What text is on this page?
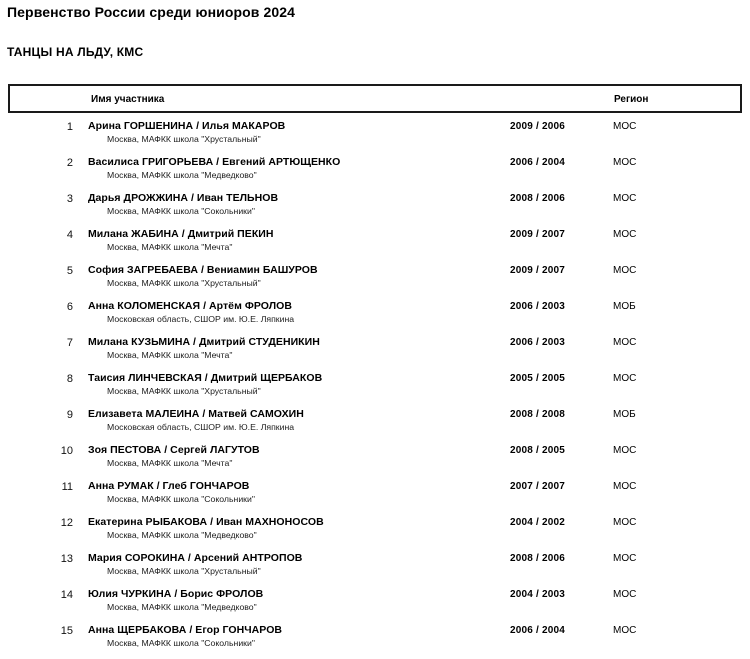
Первенство России среди юниоров 2024
ТАНЦЫ НА ЛЬДУ, КМС
Имя участника	Регион
1 Арина ГОРШЕНИНА / Илья МАКАРОВ
Москва, МАФКК школа "Хрустальный"
2009 / 2006	МОС
2 Василиса ГРИГОРЬЕВА / Евгений АРТЮЩЕНКО
Москва, МАФКК школа "Медведково"
2006 / 2004	МОС
3 Дарья ДРОЖЖИНА / Иван ТЕЛЬНОВ
Москва, МАФКК школа "Сокольники"
2008 / 2006	МОС
4 Милана ЖАБИНА / Дмитрий ПЕКИН
Москва, МАФКК школа "Мечта"
2009 / 2007	МОС
5 София ЗАГРЕБАЕВА / Вениамин БАШУРОВ
Москва, МАФКК школа "Хрустальный"
2009 / 2007	МОС
6 Анна КОЛОМЕНСКАЯ / Артём ФРОЛОВ
Московская область, СШОР им. Ю.Е. Ляпкина
2006 / 2003	МОБ
7 Милана КУЗЬМИНА / Дмитрий СТУДЕНИКИН
Москва, МАФКК школа "Мечта"
2006 / 2003	МОС
8 Таисия ЛИНЧЕВСКАЯ / Дмитрий ЩЕРБАКОВ
Москва, МАФКК школа "Хрустальный"
2005 / 2005	МОС
9 Елизавета МАЛЕИНА / Матвей САМОХИН
Московская область, СШОР им. Ю.Е. Ляпкина
2008 / 2008	МОБ
10 Зоя ПЕСТОВА / Сергей ЛАГУТОВ
Москва, МАФКК школа "Мечта"
2008 / 2005	МОС
11 Анна РУМАК / Глеб ГОНЧАРОВ
Москва, МАФКК школа "Сокольники"
2007 / 2007	МОС
12 Екатерина РЫБАКОВА / Иван МАХНОНОСОВ
Москва, МАФКК школа "Медведково"
2004 / 2002	МОС
13 Мария СОРОКИНА / Арсений АНТРОПОВ
Москва, МАФКК школа "Хрустальный"
2008 / 2006	МОС
14 Юлия ЧУРКИНА / Борис ФРОЛОВ
Москва, МАФКК школа "Медведково"
2004 / 2003	МОС
15 Анна ЩЕРБАКОВА / Егор ГОНЧАРОВ
Москва, МАФКК школа "Сокольники"
2006 / 2004	МОС
